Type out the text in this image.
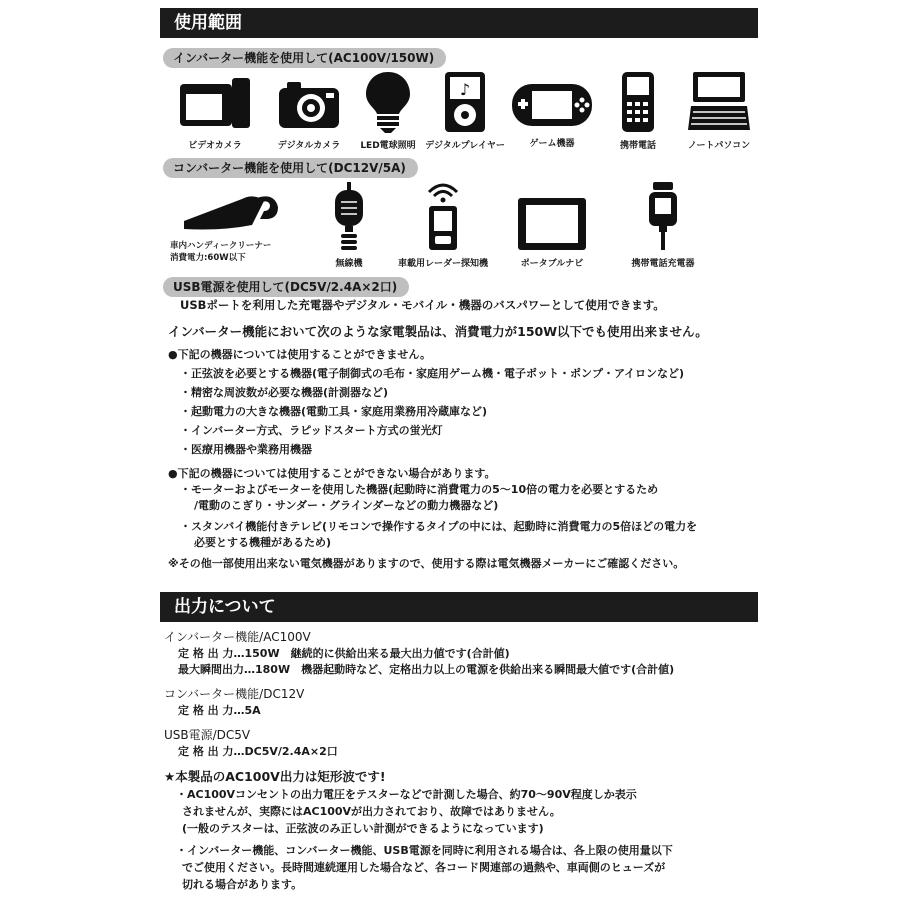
使用範囲
インバーター機能を使用して(AC100V/150W)
ビデオカメラ	デジタルカメラ	LED電球照明
♪
デジタルプレイヤー	ゲーム機器	携帯電話	ノートパソコン
コンバーター機能を使用して(DC12V/5A)
車内ハンディークリーナー
消費電力:60W以下
無線機	車載用レーダー探知機	ポータブルナビ	携帯電話充電器
USB電源を使用して(DC5V/2.4A×2口)
USBポートを利用した充電器やデジタル・モバイル・機器のバスパワーとして使用できます。
インバーター機能において次のような家電製品は、消費電力が150W以下でも使用出来ません。
●下記の機器については使用することができません。
・正弦波を必要とする機器(電子制御式の毛布・家庭用ゲーム機・電子ポット・ポンプ・アイロンなど)
・精密な周波数が必要な機器(計測器など)
・起動電力の大きな機器(電動工具・家庭用業務用冷蔵庫など)
・インバーター方式、ラピッドスタート方式の蛍光灯
・医療用機器や業務用機器
●下記の機器については使用することができない場合があります。
・モーターおよびモーターを使用した機器(起動時に消費電力の5～10倍の電力を必要とするため
/電動のこぎり・サンダー・グラインダーなどの動力機器など)
・スタンバイ機能付きテレビ(リモコンで操作するタイプの中には、起動時に消費電力の5倍ほどの電力を
必要とする機種があるため)
※その他一部使用出来ない電気機器がありますので、使用する際は電気機器メーカーにご確認ください。
出力について
インバーター機能/AC100V
定 格 出 力…150W　継続的に供給出来る最大出力値です(合計値)
最大瞬間出力…180W　機器起動時など、定格出力以上の電源を供給出来る瞬間最大値です(合計値)
コンバーター機能/DC12V
定 格 出 力…5A
USB電源/DC5V
定 格 出 力…DC5V/2.4A×2口
★本製品のAC100V出力は矩形波です!
・AC100Vコンセントの出力電圧をテスターなどで計測した場合、約70～90V程度しか表示
されませんが、実際にはAC100Vが出力されており、故障ではありません。
(一般のテスターは、正弦波のみ正しい計測ができるようになっています)
・インバーター機能、コンバーター機能、USB電源を同時に利用される場合は、各上限の使用量以下
でご使用ください。長時間連続運用した場合など、各コード関連部の過熱や、車両側のヒューズが
切れる場合があります。
